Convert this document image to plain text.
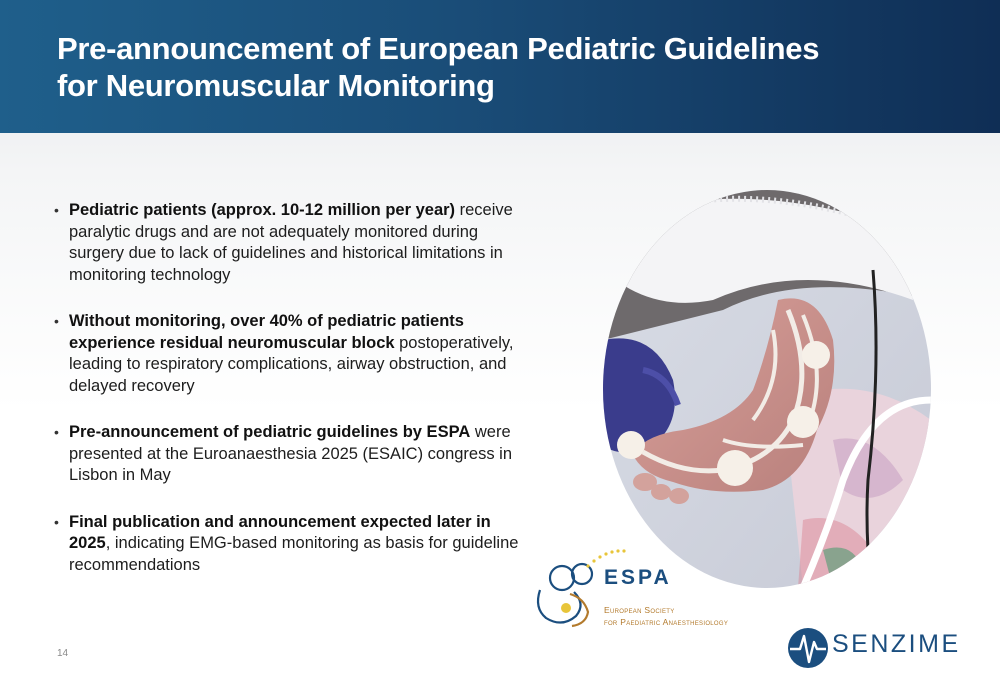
Pre-announcement of European Pediatric Guidelines
for Neuromuscular Monitoring
• Pediatric patients (approx. 10-12 million per year) receive paralytic drugs and are not adequately monitored during surgery due to lack of guidelines and historical limitations in monitoring technology
• Without monitoring, over 40% of pediatric patients experience residual neuromuscular block postoperatively, leading to respiratory complications, airway obstruction, and delayed recovery
• Pre-announcement of pediatric guidelines by ESPA were presented at the Euroanaesthesia 2025 (ESAIC) congress in Lisbon in May
• Final publication and announcement expected later in 2025, indicating EMG-based monitoring as basis for guideline recommendations
14
ESPA
European Society
for Paediatric Anaesthesiology
SENZIME
